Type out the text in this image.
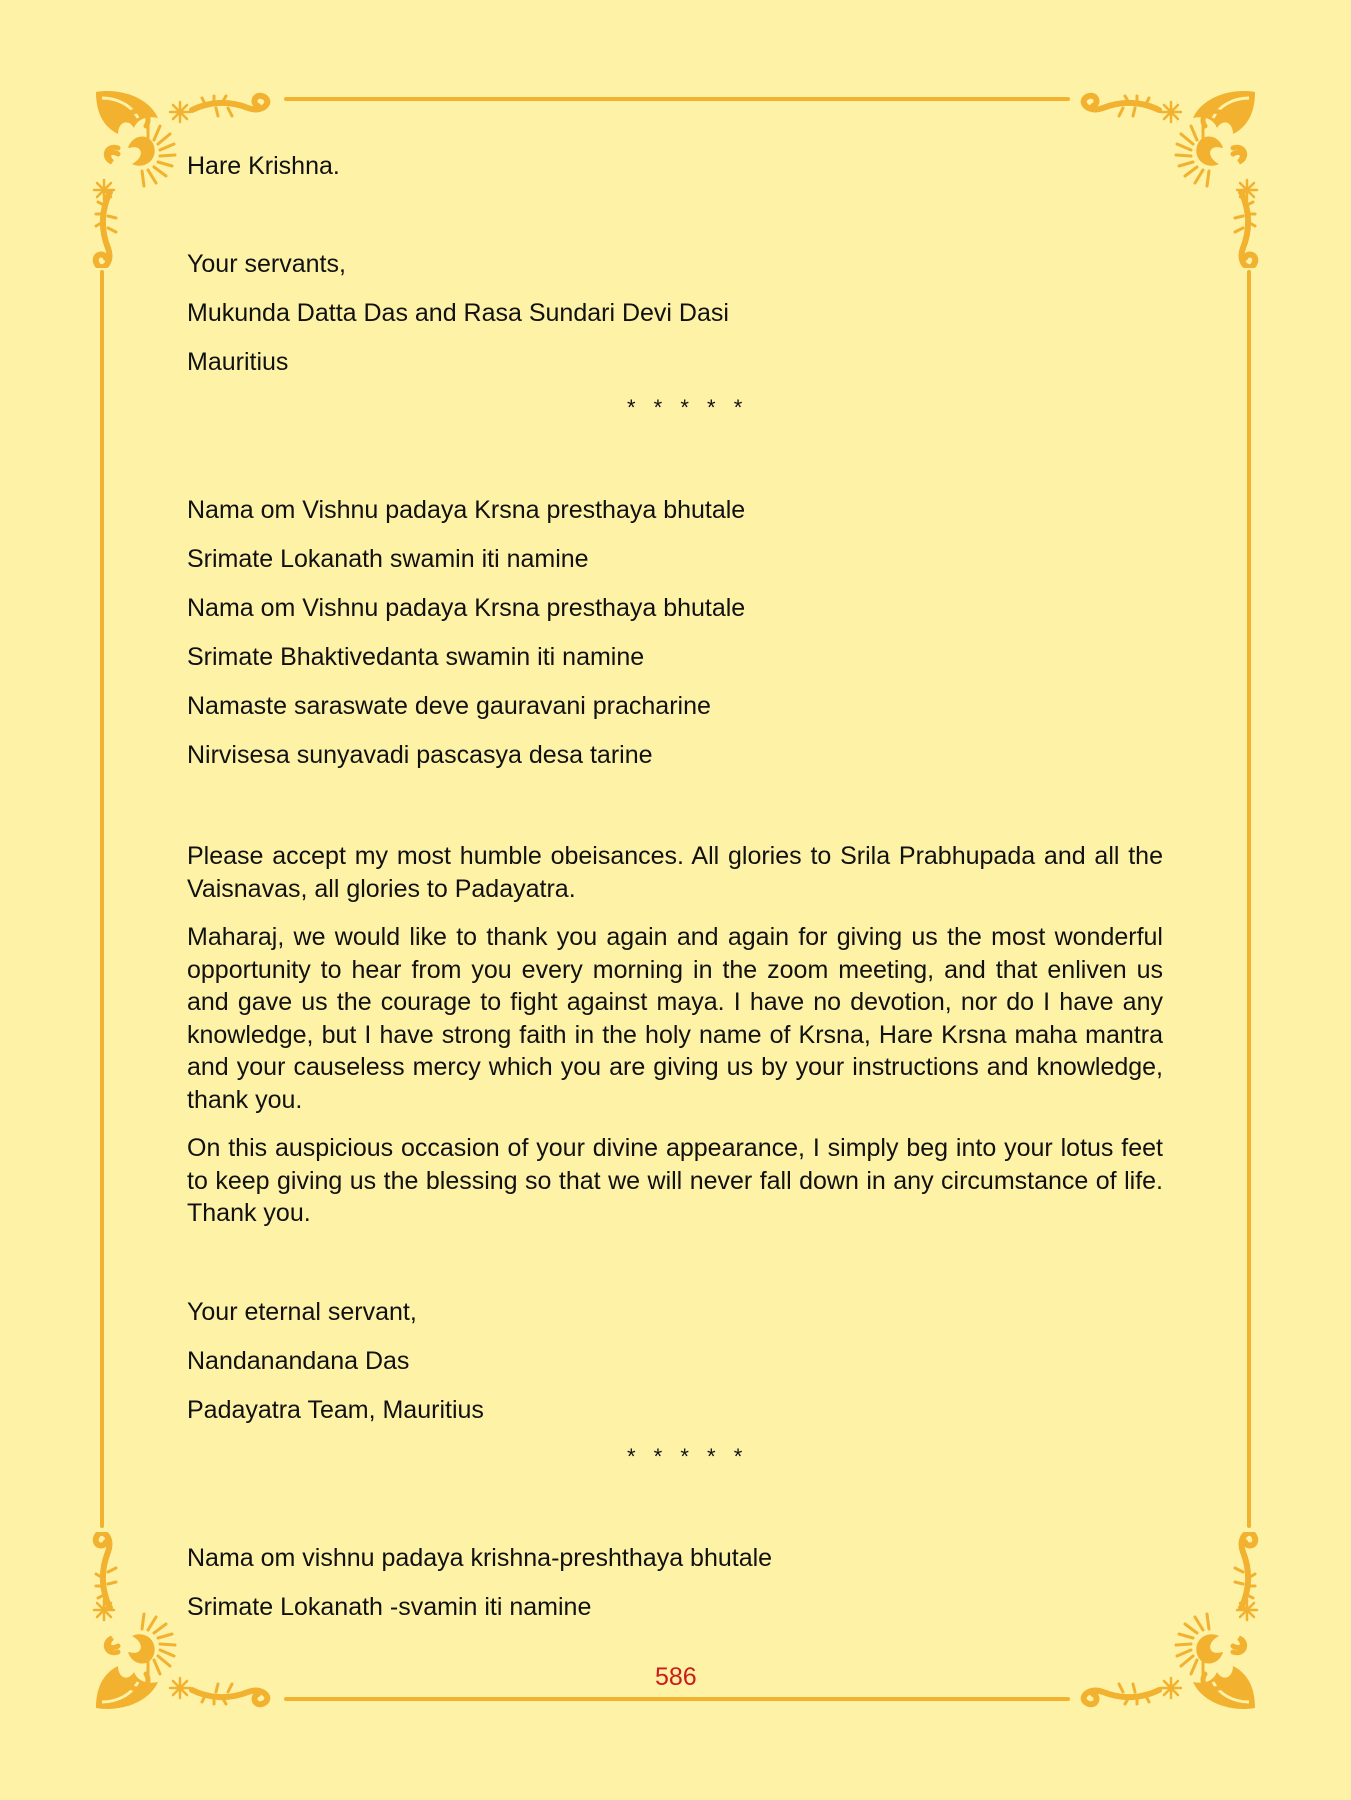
Hare Krishna.
Your servants,
Mukunda Datta Das and Rasa Sundari Devi Dasi
Mauritius
* * * * *
Nama om Vishnu padaya Krsna presthaya bhutale
Srimate Lokanath swamin iti namine
Nama om Vishnu padaya Krsna presthaya bhutale
Srimate Bhaktivedanta swamin iti namine
Namaste saraswate deve gauravani pracharine
Nirvisesa sunyavadi pascasya desa tarine
Please accept my most humble obeisances. All glories to Srila Prabhupada and all the Vaisnavas, all glories to Padayatra.
Maharaj, we would like to thank you again and again for giving us the most wonderful opportunity to hear from you every morning in the zoom meeting, and that enliven us and gave us the courage to fight against maya. I have no devotion, nor do I have any knowledge, but I have strong faith in the holy name of Krsna, Hare Krsna maha mantra and your causeless mercy which you are giving us by your instructions and knowledge, thank you.
On this auspicious occasion of your divine appearance, I simply beg into your lotus feet to keep giving us the blessing so that we will never fall down in any circumstance of life. Thank you.
Your eternal servant,
Nandanandana Das
Padayatra Team, Mauritius
* * * * *
Nama om vishnu padaya krishna-preshthaya bhutale
Srimate Lokanath -svamin iti namine
586
